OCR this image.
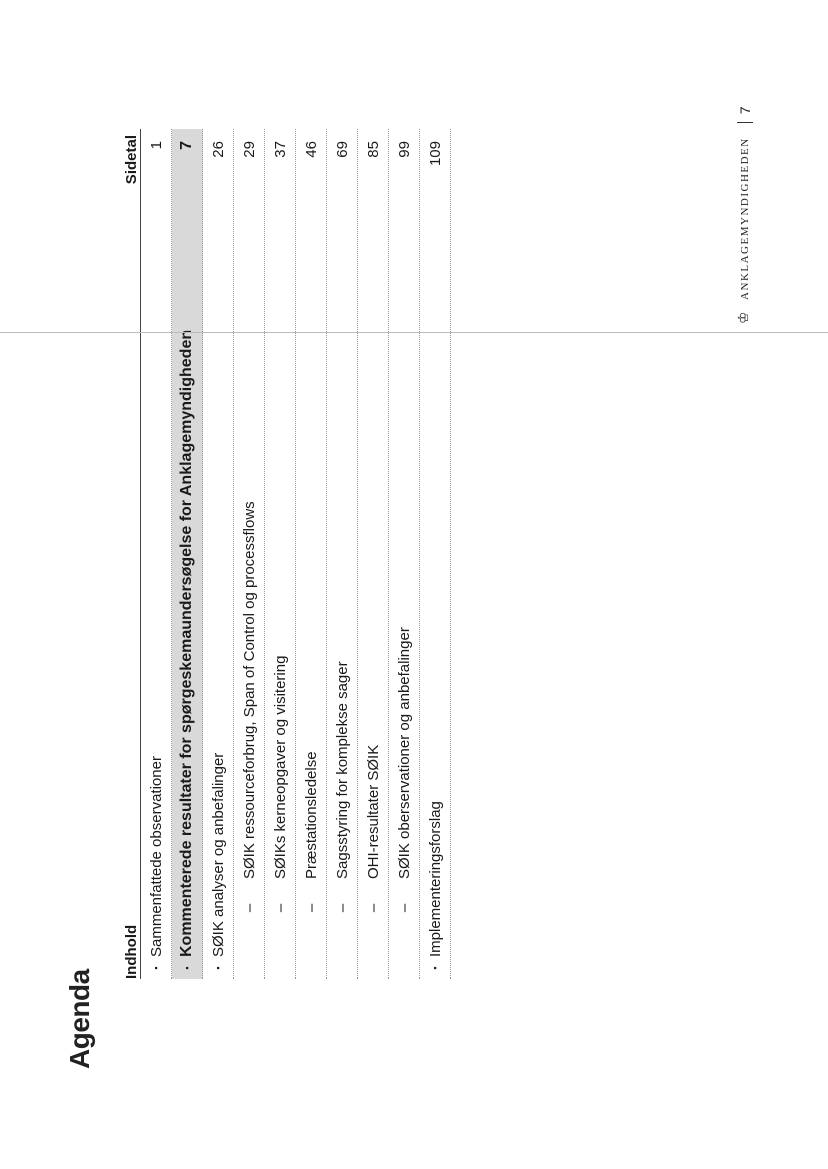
Agenda
Indhold
Sidetal
▪
Sammenfattede observationer
1
▪
Kommenterede resultater for spørgeskemaundersøgelse for Anklagemyndigheden
7
▪
SØIK analyser og anbefalinger
26
–
SØIK ressourceforbrug, Span of Control og processflows
29
–
SØIKs kerneopgaver og visitering
37
–
Præstationsledelse
46
–
Sagsstyring for komplekse sager
69
–
OHI-resultater SØIK
85
–
SØIK oberservationer og anbefalinger
99
▪
Implementeringsforslag
109
♔
ANKLAGEMYNDIGHEDEN
7
